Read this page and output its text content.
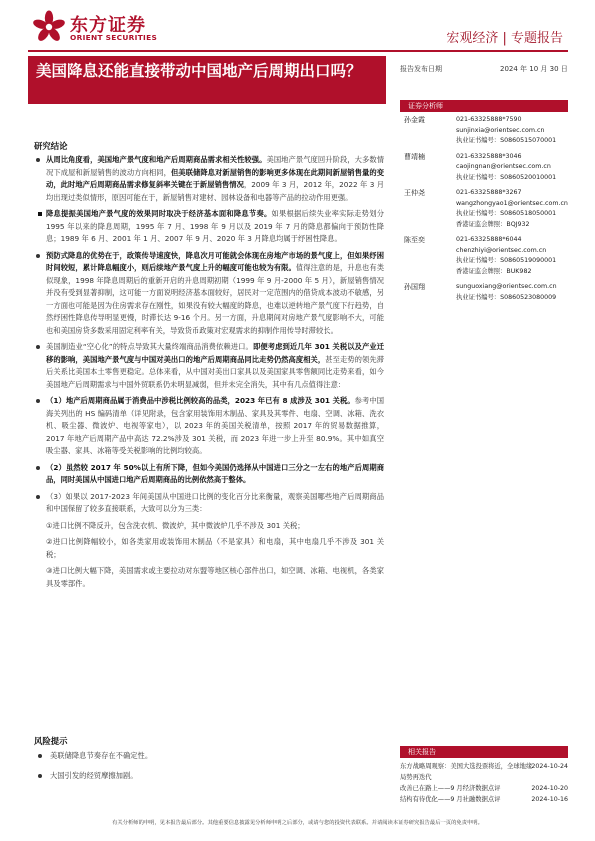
东方证券
ORIENT SECURITIES	宏观经济 | 专题报告
美国降息还能直接带动中国地产后周期出口吗？	报告发布日期	2024 年 10 月 30 日
证券分析师
孙金霞	021-63325888*7590
sunjinxia@orientsec.com.cn
执业证书编号：S0860515070001
曹靖楠	021-63325888*3046
caojingnan@orientsec.com.cn
执业证书编号：S0860520010001
王仲尧	021-63325888*3267
wangzhongyao1@orientsec.com.cn
执业证书编号：S0860518050001
香港证监会牌照：BQJ932
陈至奕	021-63325888*6044
chenzhiyi@orientsec.com.cn
执业证书编号：S0860519090001
香港证监会牌照：BUK982
孙国翔	sunguoxiang@orientsec.com.cn
执业证书编号：S0860523080009
研究结论
从周比角度看，美国地产景气度和地产后周期商品需求相关性较强。美国地产景气度回升阶段，大多数情况下成屋和新屋销售的波动方向相同，但美联储降息对新屋销售的影响更多体现在此期间新屋销售量的变动，此时地产后周期商品需求修复斜率关键在于新屋销售情况，2009 年 3 月，2012 年，2022 年 3 月均出现过类似情形，原因可能在于，新屋销售对建材、园林设备和电器等产品的拉动作用更强。
降息提振美国地产景气度的效果同时取决于经济基本面和降息节奏。如果根据后续失业率实际走势划分 1995 年以来的降息周期，1995 年 7 月、1998 年 9 月以及 2019 年 7 月的降息都偏向于预防性降息；1989 年 6 月、2001 年 1 月、2007 年 9 月、2020 年 3 月降息均属于纾困性降息。
预防式降息的优势在于，政策传导速度快，降息次月可能就会体现在房地产市场的景气度上，但如果纾困时间较短，累计降息幅度小，则后续地产景气度上升的幅度可能也较为有限。值得注意的是，升息也有类似现象，1998 年降息周期后的重新开启的升息周期初期（1999 年 9 月-2000 年 5 月），新屋销售情况并没有受到显著抑制，这可能一方面说明经济基本面较好，居民对一定范围内的借贷成本波动不敏感，另一方面也可能是因为住房需求存在刚性，如果没有较大幅度的降息，也难以逆转地产景气度下行趋势，自然纾困性降息传导明显更慢，时滞长达 9-16 个月。另一方面，升息期间对房地产景气度影响不大，可能也和美国房贷多数采用固定利率有关，导致货币政策对宏观需求的抑制作用传导时滞较长。
美国制造业“空心化”的特点导致其大量终端商品消费依赖进口。即便考虑到近几年 301 关税以及产业迁移的影响，美国地产景气度与中国对美出口的地产后周期商品同比走势仍然高度相关，甚至走势的领先滞后关系比美国本土零售更稳定。总体来看，从中国对美出口家具以及美国家具零售额同比走势来看，如今美国地产后周期需求与中国外贸联系仍未明显减弱，但并未完全消失，其中有几点值得注意：
（1）地产后周期商品属于消费品中涉税比例较高的品类，2023 年已有 8 成涉及 301 关税。参考中国海关列出的 HS 编码清单（详见附录，包含家用装饰用木制品、家具及其零件、电扇、空调、冰箱、洗衣机、吸尘器、微波炉、电视等家电），以 2023 年的美国关税清单，按照 2017 年的贸易数据推算，2017 年地产后周期产品中高达 72.2%涉及 301 关税，而 2023 年进一步上升至 80.9%。其中如真空吸尘器、家具、冰箱等受关税影响的比例均较高。
（2）虽然较 2017 年 50%以上有所下降，但如今美国仍选择从中国进口三分之一左右的地产后周期商品，同时美国从中国进口地产后周期商品的比例依然高于整体。
（3）如果以 2017-2023 年间美国从中国进口比例的变化百分比来衡量，观察美国哪些地产后周期商品和中国保留了较多直接联系，大致可以分为三类：
①进口比例不降反升，包含洗衣机、微波炉，其中微波炉几乎不涉及 301 关税；
②进口比例降幅较小，如各类家用或装饰用木制品（不是家具）和电扇，其中电扇几乎不涉及 301 关税；
③进口比例大幅下降，美国需求或主要拉动对东盟等地区核心部件出口，如空调、冰箱、电视机，各类家具及零部件。
风险提示
美联储降息节奏存在不确定性。
大国引发的经贸摩擦加剧。
相关报告
东方战略周观察：美国大选投票将近，全球地缘局势再迭代
2024-10-24
改善已在路上——9 月经济数据点评	2024-10-20
结构有待优化——9 月社融数据点评	2024-10-16
有关分析师的申明，见本报告最后部分。其他重要信息披露见分析师申明之后部分，或请与您的投资代表联系。并请阅读本证券研究报告最后一页的免责申明。
